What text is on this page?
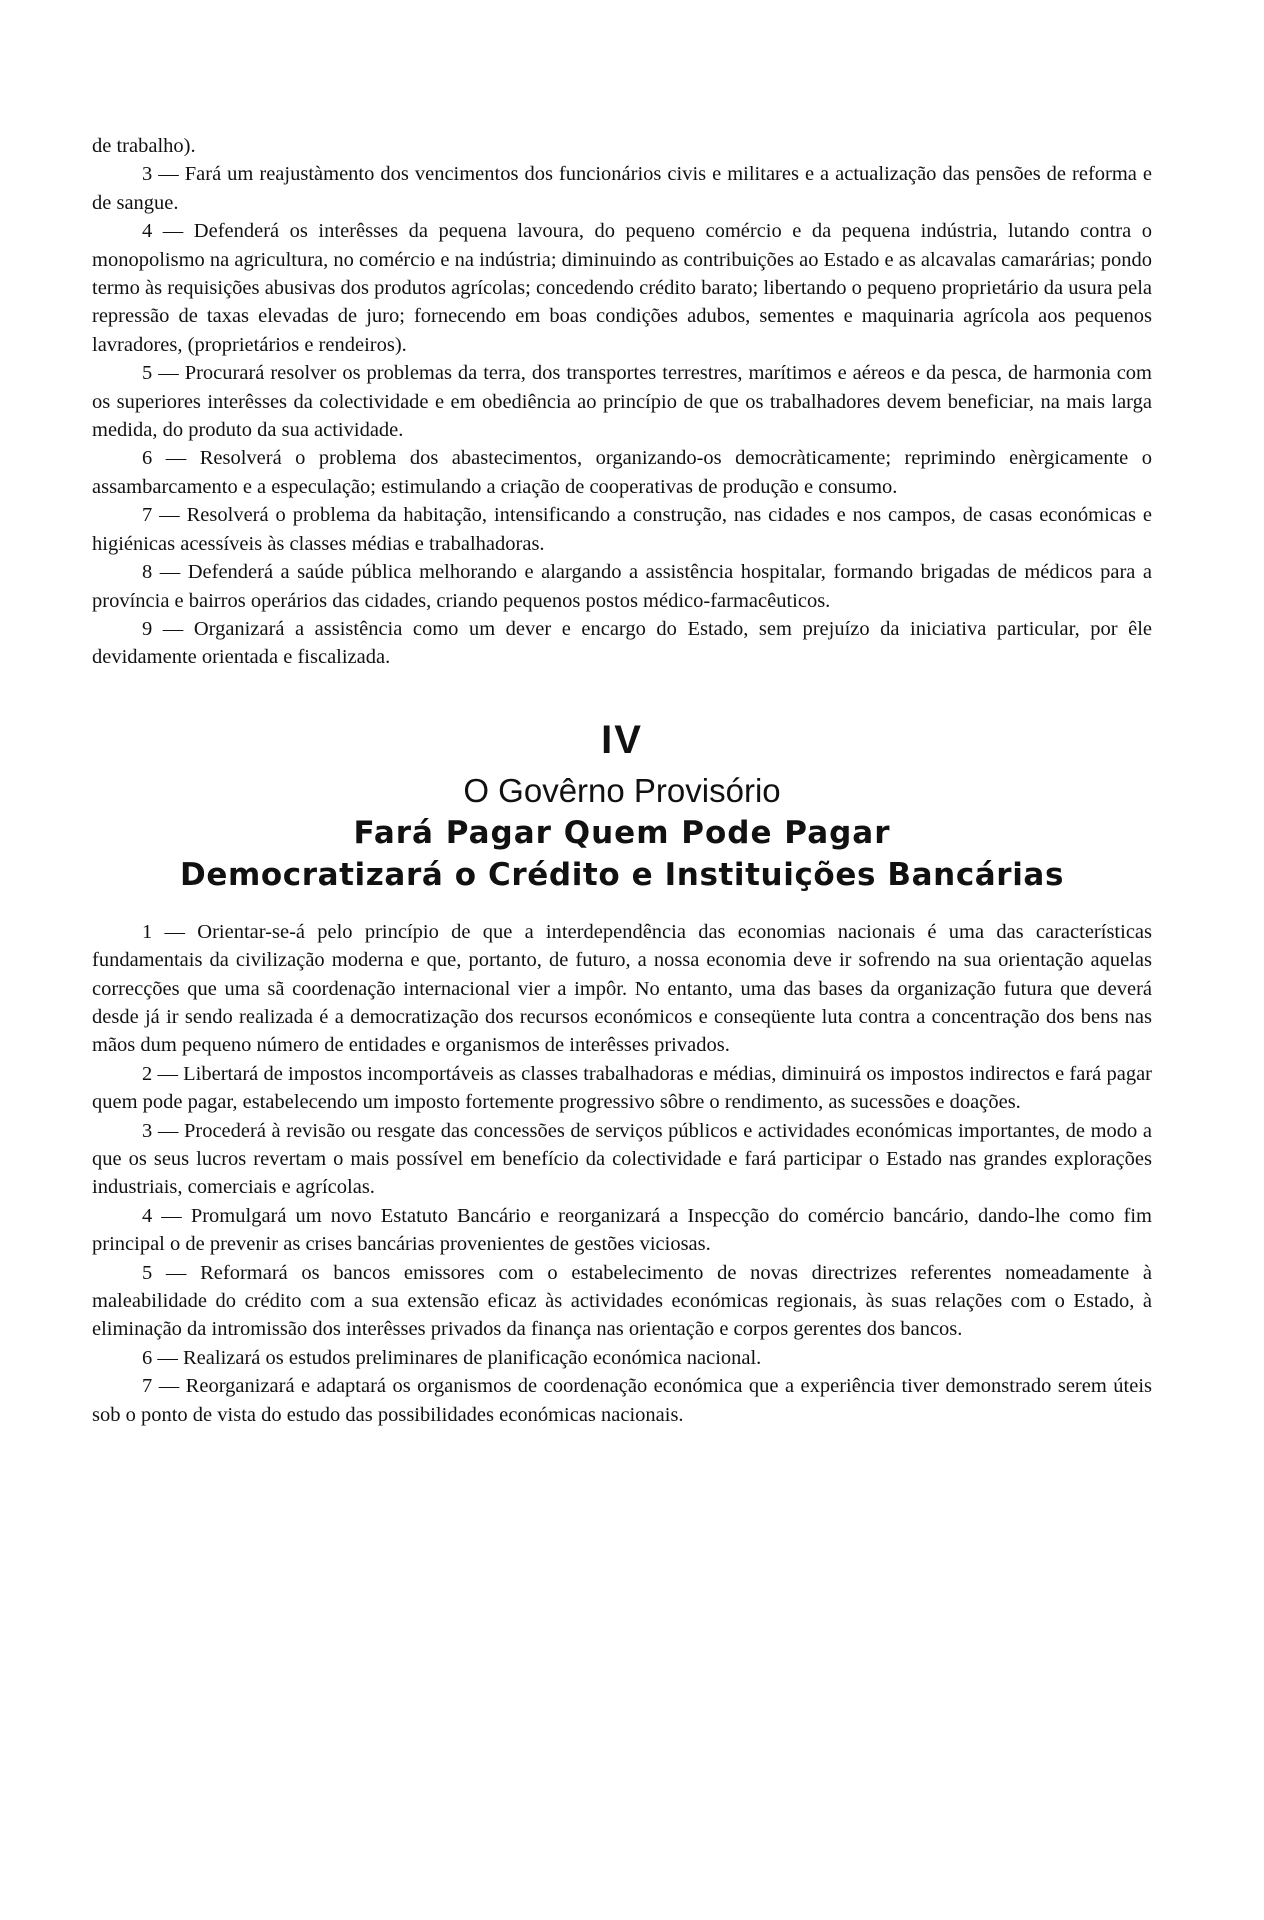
de trabalho).

3 — Fará um reajustàmento dos vencimentos dos funcionários civis e militares e a actualização das pensões de reforma e de sangue.

4 — Defenderá os interêsses da pequena lavoura, do pequeno comércio e da pequena indústria, lutando contra o monopolismo na agricultura, no comércio e na indústria; diminuindo as contribuições ao Estado e as alcavalas camarárias; pondo termo às requisições abusivas dos produtos agrícolas; concedendo crédito barato; libertando o pequeno proprietário da usura pela repressão de taxas elevadas de juro; fornecendo em boas condições adubos, sementes e maquinaria agrícola aos pequenos lavradores, (proprietários e rendeiros).

5 — Procurará resolver os problemas da terra, dos transportes terrestres, marítimos e aéreos e da pesca, de harmonia com os superiores interêsses da colectividade e em obediência ao princípio de que os trabalhadores devem beneficiar, na mais larga medida, do produto da sua actividade.

6 — Resolverá o problema dos abastecimentos, organizando-os democràticamente; reprimindo enèrgicamente o assambarcamento e a especulação; estimulando a criação de cooperativas de produção e consumo.

7 — Resolverá o problema da habitação, intensificando a construção, nas cidades e nos campos, de casas económicas e higiénicas acessíveis às classes médias e trabalhadoras.

8 — Defenderá a saúde pública melhorando e alargando a assistência hospitalar, formando brigadas de médicos para a província e bairros operários das cidades, criando pequenos postos médico-farmacêuticos.

9 — Organizará a assistência como um dever e encargo do Estado, sem prejuízo da iniciativa particular, por êle devidamente orientada e fiscalizada.

IV
O Govêrno Provisório
Fará Pagar Quem Pode Pagar
Democratizará o Crédito e Instituições Bancárias

1 — Orientar-se-á pelo princípio de que a interdependência das economias nacionais é uma das características fundamentais da civilização moderna e que, portanto, de futuro, a nossa economia deve ir sofrendo na sua orientação aquelas correcções que uma sã coordenação internacional vier a impôr. No entanto, uma das bases da organização futura que deverá desde já ir sendo realizada é a democratização dos recursos económicos e conseqüente luta contra a concentração dos bens nas mãos dum pequeno número de entidades e organismos de interêsses privados.

2 — Libertará de impostos incomportáveis as classes trabalhadoras e médias, diminuirá os impostos indirectos e fará pagar quem pode pagar, estabelecendo um imposto fortemente progressivo sôbre o rendimento, as sucessões e doações.

3 — Procederá à revisão ou resgate das concessões de serviços públicos e actividades económicas importantes, de modo a que os seus lucros revertam o mais possível em benefício da colectividade e fará participar o Estado nas grandes explorações industriais, comerciais e agrícolas.

4 — Promulgará um novo Estatuto Bancário e reorganizará a Inspecção do comércio bancário, dando-lhe como fim principal o de prevenir as crises bancárias provenientes de gestões viciosas.

5 — Reformará os bancos emissores com o estabelecimento de novas directrizes referentes nomeadamente à maleabilidade do crédito com a sua extensão eficaz às actividades económicas regionais, às suas relações com o Estado, à eliminação da intromissão dos interêsses privados da finança nas orientação e corpos gerentes dos bancos.

6 — Realizará os estudos preliminares de planificação económica nacional.

7 — Reorganizará e adaptará os organismos de coordenação económica que a experiência tiver demonstrado serem úteis sob o ponto de vista do estudo das possibilidades económicas nacionais.
